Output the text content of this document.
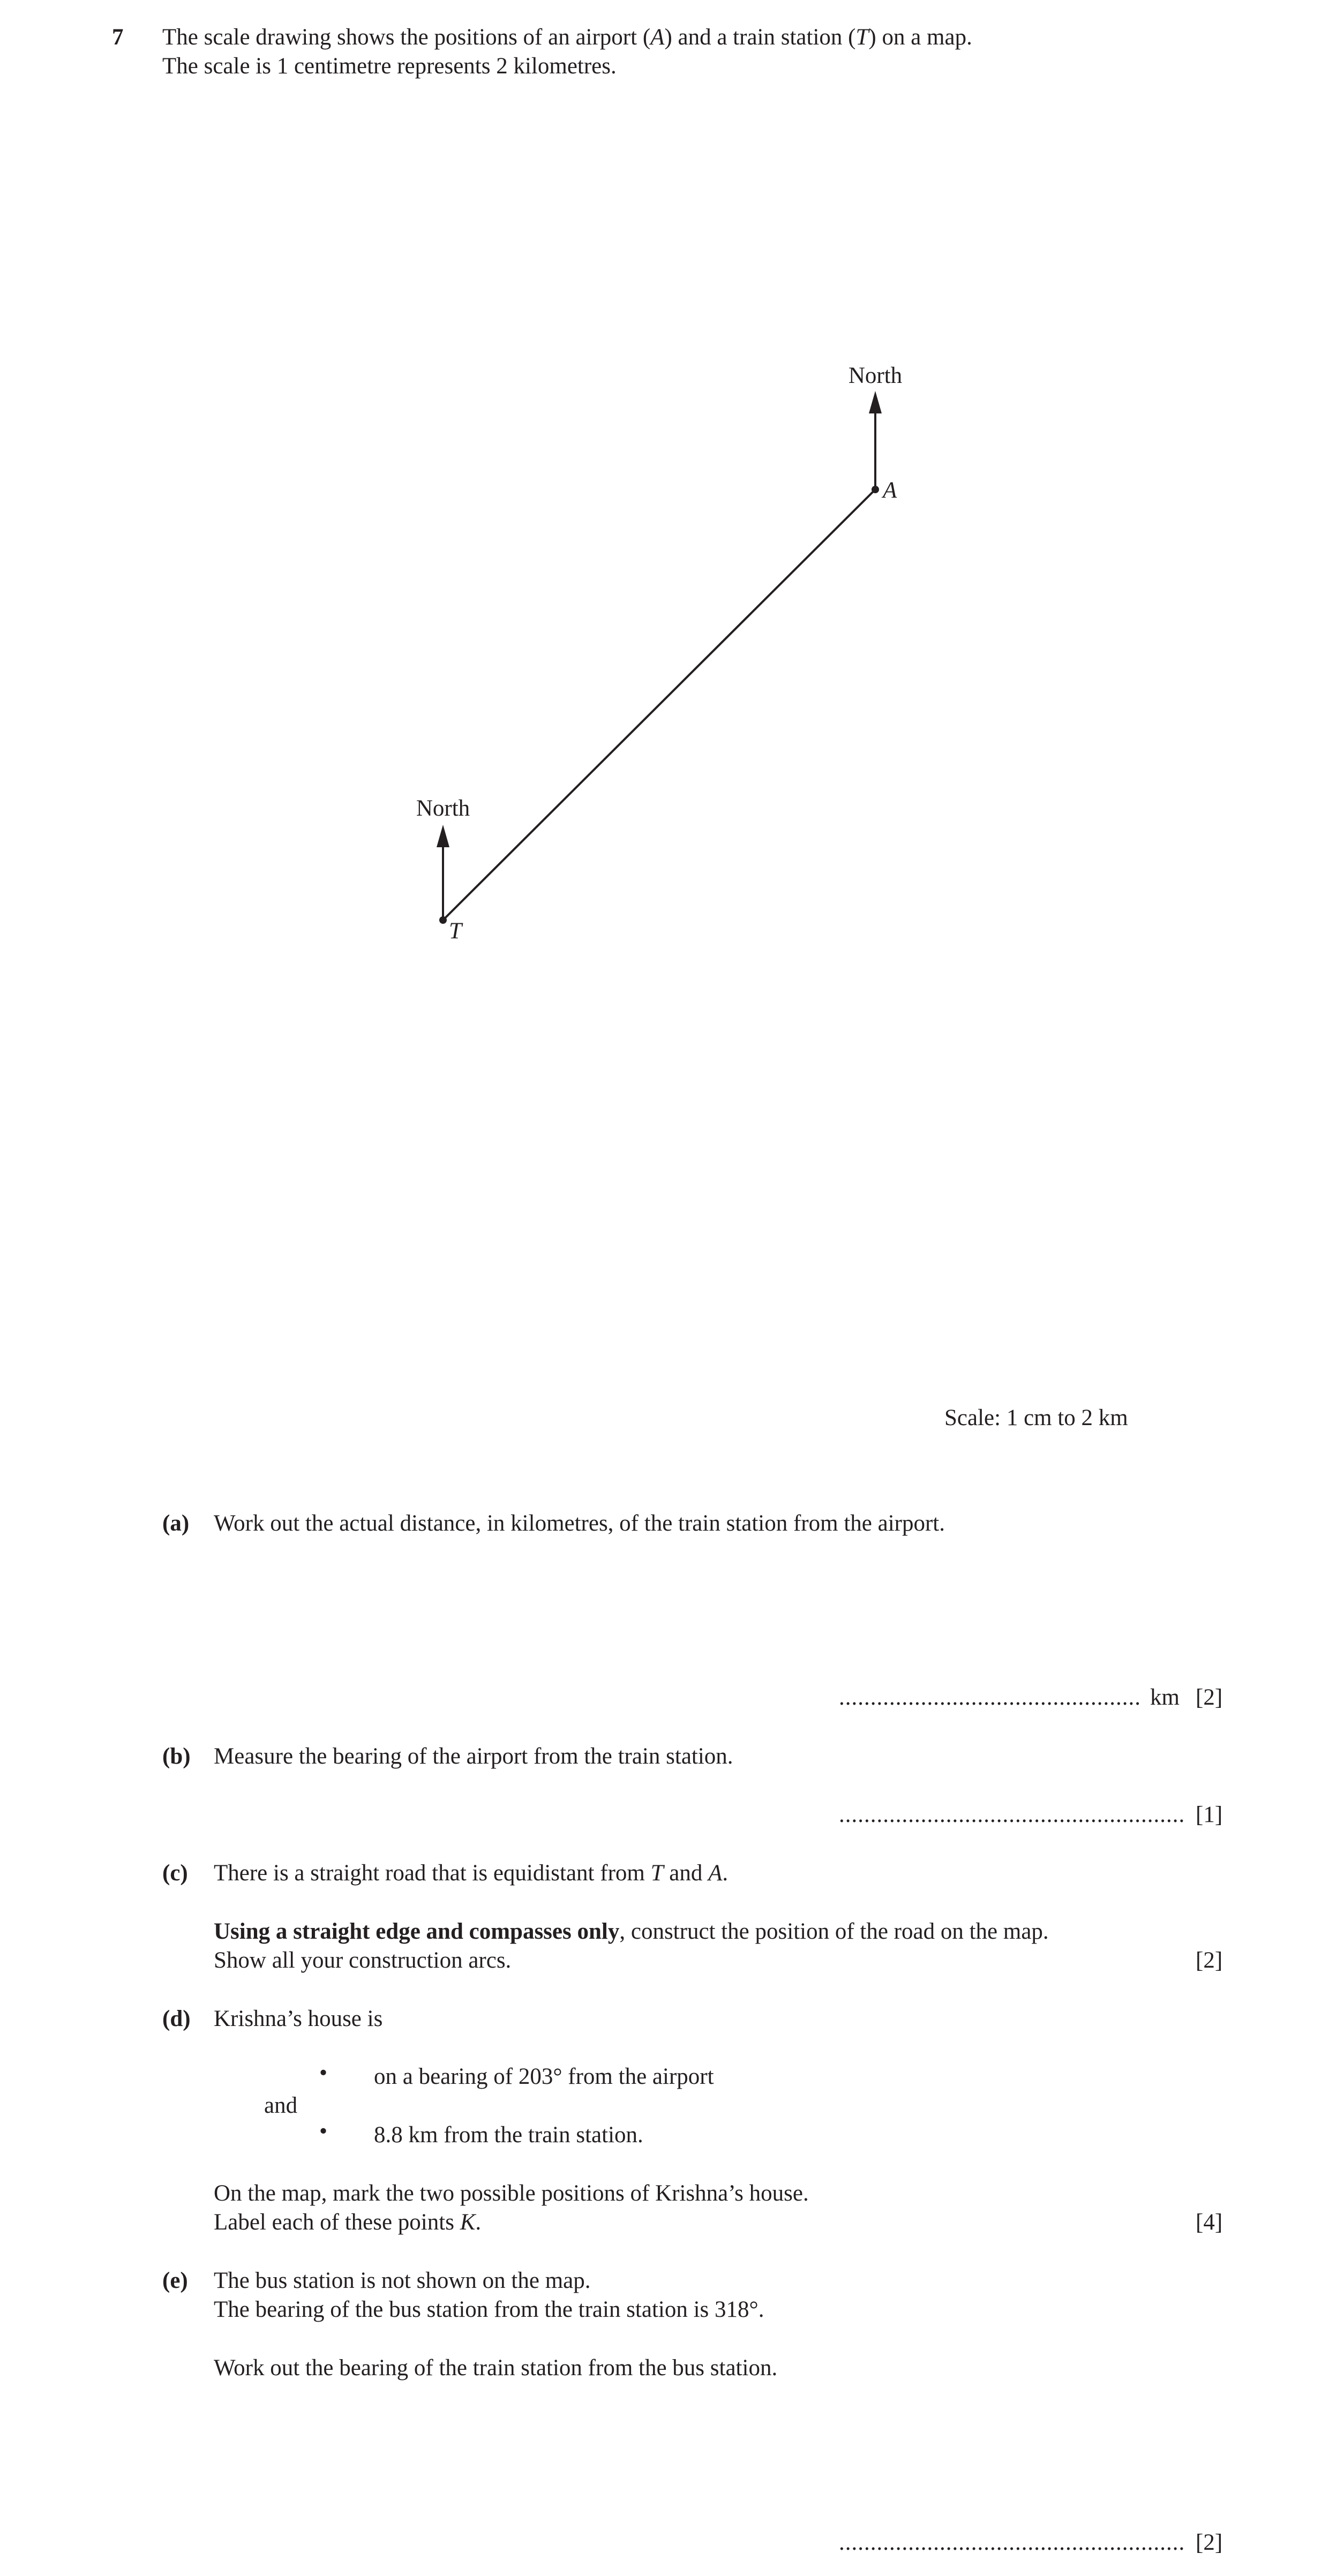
7 The scale drawing shows the positions of an airport (A) and a train station (T) on a map.
The scale is 1 centimetre represents 2 kilometres.
North
North
A
T
Scale: 1 cm to 2 km
(a) Work out the actual distance, in kilometres, of the train station from the airport.
................................................ km [2]
(b) Measure the bearing of the airport from the train station.
....................................................... [1]
(c) There is a straight road that is equidistant from T and A.
Using a straight edge and compasses only, construct the position of the road on the map.
Show all your construction arcs.	[2]
(d) Krishna’s house is
• on a bearing of 203° from the airport
and
• 8.8 km from the train station.
On the map, mark the two possible positions of Krishna’s house.
Label each of these points K.	[4]
(e) The bus station is not shown on the map.
The bearing of the bus station from the train station is 318°.
Work out the bearing of the train station from the bus station.
....................................................... [2]
